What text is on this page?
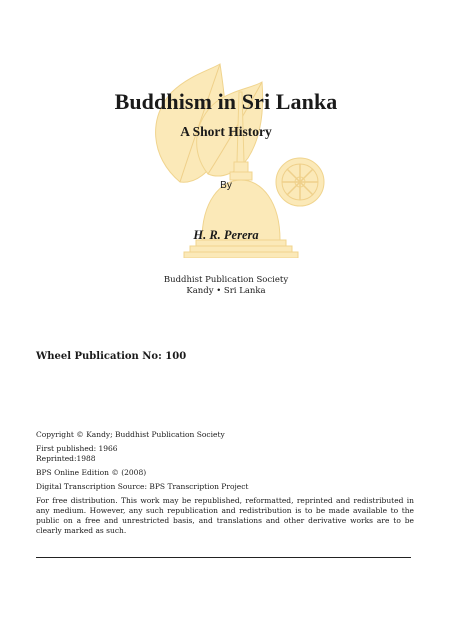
Buddhism in Sri Lanka
A Short History
By
H. R. Perera
Buddhist Publication Society
Kandy • Sri Lanka
Wheel Publication No: 100

Copyright © Kandy; Buddhist Publication Society

First published: 1966
Reprinted:1988

BPS Online Edition © (2008)

Digital Transcription Source: BPS Transcription Project

For free distribution. This work may be republished, reformatted, reprinted and redistributed in any medium. However, any such republication and redistribution is to be made available to the public on a free and unrestricted basis, and translations and other derivative works are to be clearly marked as such.
